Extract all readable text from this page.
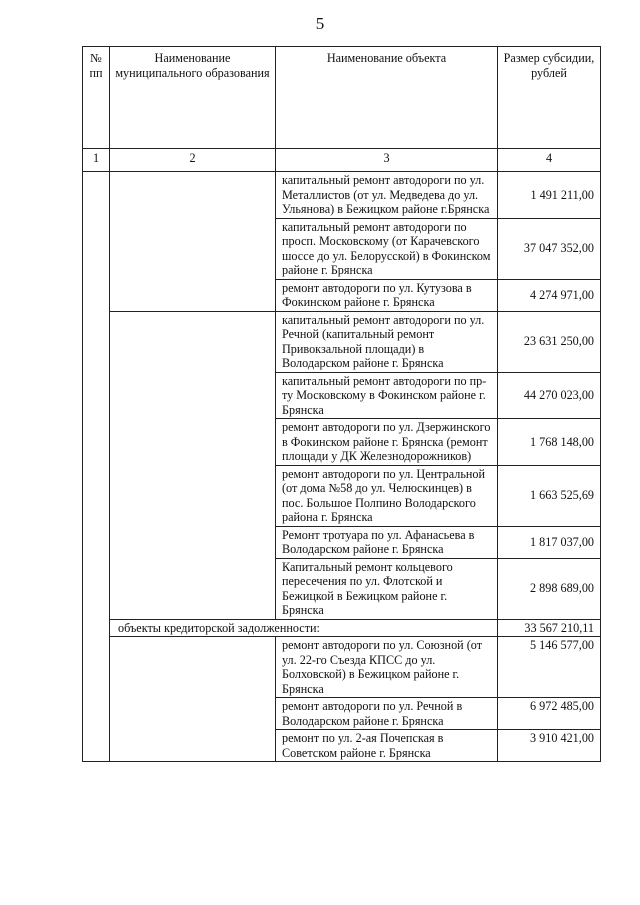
5
№ пп	Наименование муниципального образования	Наименование объекта	Размер субсидии, рублей
1	2	3	4
		капитальный ремонт автодороги по ул. Металлистов (от ул. Медведева до ул. Ульянова) в Бежицком районе г.Брянска	1 491 211,00
		капитальный ремонт автодороги по просп. Московскому (от Карачевского шоссе до ул. Белорусской) в Фокинском районе г. Брянска	37 047 352,00
		ремонт автодороги по ул. Кутузова в Фокинском районе г. Брянска	4 274 971,00
		капитальный ремонт автодороги по ул. Речной (капитальный ремонт Привокзальной площади) в Володарском районе г. Брянска	23 631 250,00
		капитальный ремонт автодороги по пр-ту Московскому в Фокинском районе г. Брянска	44 270 023,00
		ремонт автодороги по ул. Дзержинского в Фокинском районе г. Брянска (ремонт площади у ДК Железнодорожников)	1 768 148,00
		ремонт автодороги по ул. Центральной (от дома №58 до ул. Челюскинцев) в пос. Большое Полпино Володарского района г. Брянска	1 663 525,69
		Ремонт тротуара по ул. Афанасьева в Володарском районе г. Брянска	1 817 037,00
		Капитальный ремонт кольцевого пересечения по ул. Флотской и Бежицкой в Бежицком районе г. Брянска	2 898 689,00
	объекты кредиторской задолженности:		33 567 210,11
		ремонт автодороги по ул. Союзной (от ул. 22-го Съезда КПСС до ул. Болховской) в Бежицком районе г. Брянска	5 146 577,00
		ремонт автодороги по ул. Речной в Володарском районе г. Брянска	6 972 485,00
		ремонт по ул. 2-ая Почепская в Советском районе г. Брянска	3 910 421,00
